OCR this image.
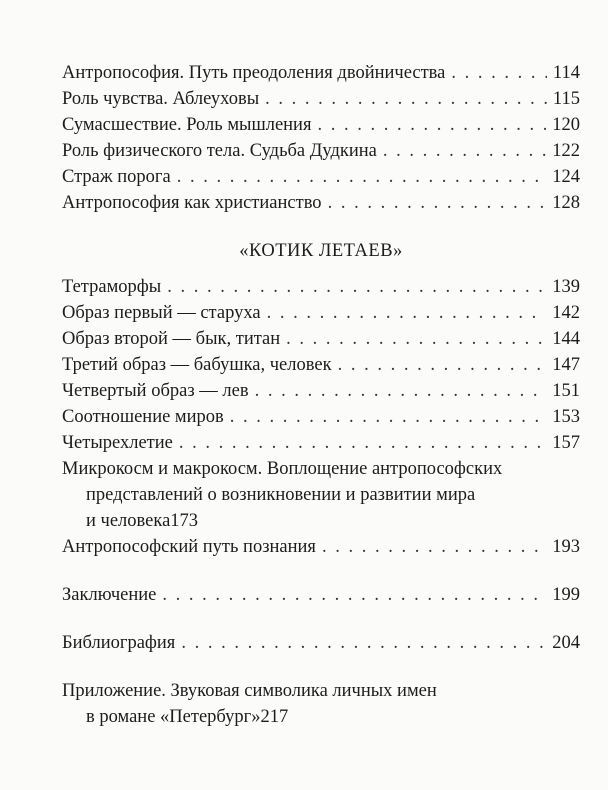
Антропософия. Путь преодоления двойничества . . .	114
Роль чувства. Аблеуховы . . .	115
Сумасшествие. Роль мышления . . .	120
Роль физического тела. Судьба Дудкина . . .	122
Страж порога . . .	124
Антропософия как христианство . . .	128
«КОТИК ЛЕТАЕВ»
Тетраморфы . . .	139
Образ первый — старуха . . .	142
Образ второй — бык, титан . . .	144
Третий образ — бабушка, человек . . .	147
Четвертый образ — лев . . .	151
Соотношение миров . . .	153
Четырехлетие . . .	157
Микрокосм и макрокосм. Воплощение антропософских
представлений о возникновении и развитии мира
и человека 173
Антропософский путь познания . . .	193
Заключение . . .	199
Библиография . . .	204
Приложение. Звуковая символика личных имен
в романе «Петербург» 217
